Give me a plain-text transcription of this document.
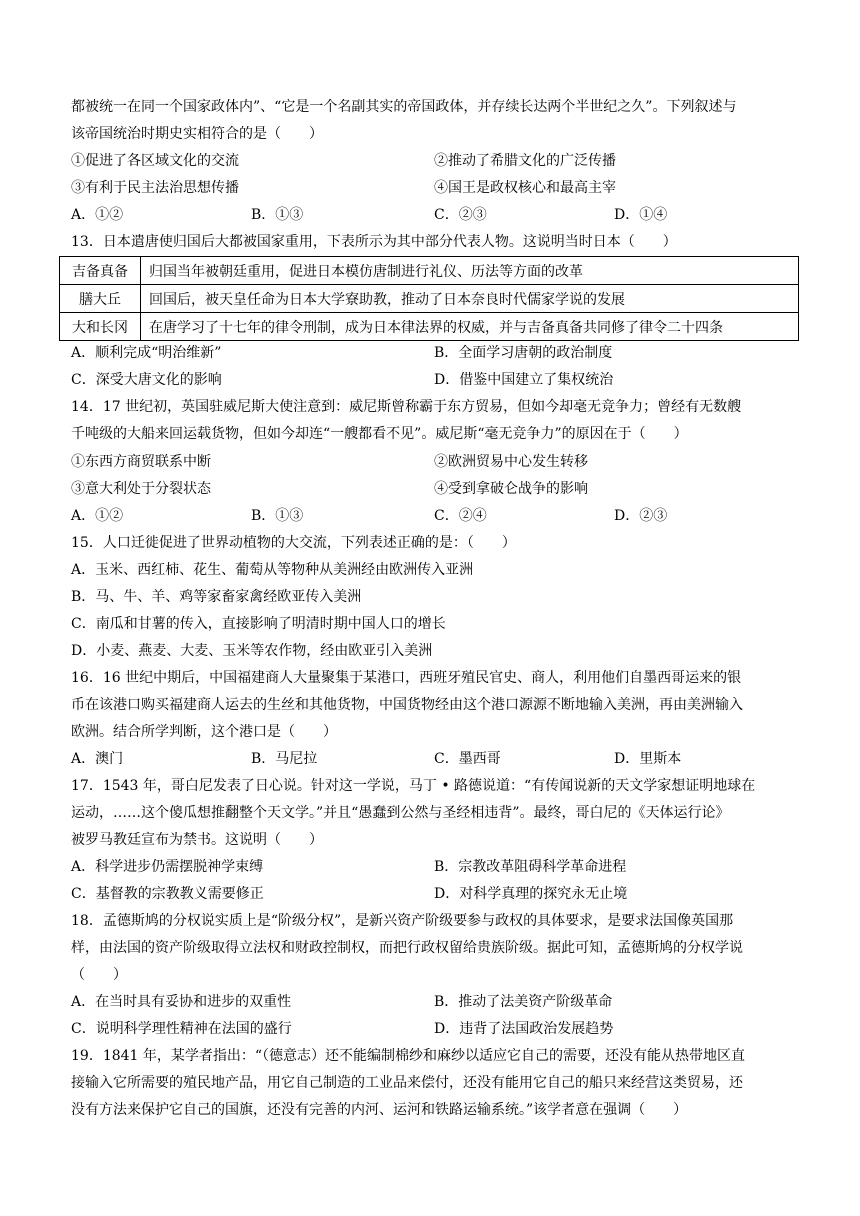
都被统一在同一个国家政体内”、“它是一个名副其实的帝国政体，并存续长达两个半世纪之久”。下列叙述与
该帝国统治时期史实相符合的是（　　）
①促进了各区域文化的交流	②推动了希腊文化的广泛传播
③有利于民主法治思想传播	④国王是政权核心和最高主宰
A．①②	B．①③	C．②③	D．①④
13．日本遣唐使归国后大都被国家重用，下表所示为其中部分代表人物。这说明当时日本（　　）
吉备真备	归国当年被朝廷重用，促进日本模仿唐制进行礼仪、历法等方面的改革
膳大丘	回国后，被天皇任命为日本大学寮助教，推动了日本奈良时代儒家学说的发展
大和长冈	在唐学习了十七年的律令刑制，成为日本律法界的权威，并与吉备真备共同修了律令二十四条
A．顺利完成“明治维新”	B．全面学习唐朝的政治制度
C．深受大唐文化的影响	D．借鉴中国建立了集权统治
14．17 世纪初，英国驻威尼斯大使注意到：威尼斯曾称霸于东方贸易，但如今却毫无竞争力；曾经有无数艘
千吨级的大船来回运载货物，但如今却连“一艘都看不见”。威尼斯“毫无竞争力”的原因在于（　　）
①东西方商贸联系中断	②欧洲贸易中心发生转移
③意大利处于分裂状态	④受到拿破仑战争的影响
A．①②	B．①③	C．②④	D．②③
15．人口迁徙促进了世界动植物的大交流，下列表述正确的是：（　　）
A．玉米、西红柿、花生、葡萄从等物种从美洲经由欧洲传入亚洲
B．马、牛、羊、鸡等家畜家禽经欧亚传入美洲
C．南瓜和甘薯的传入，直接影响了明清时期中国人口的增长
D．小麦、燕麦、大麦、玉米等农作物，经由欧亚引入美洲
16．16 世纪中期后，中国福建商人大量聚集于某港口，西班牙殖民官史、商人，利用他们自墨西哥运来的银
币在该港口购买福建商人运去的生丝和其他货物，中国货物经由这个港口源源不断地输入美洲，再由美洲输入
欧洲。结合所学判断，这个港口是（　　）
A．澳门	B．马尼拉	C．墨西哥	D．里斯本
17．1543 年，哥白尼发表了日心说。针对这一学说，马丁 • 路德说道：“有传闻说新的天文学家想证明地球在
运动，……这个傻瓜想推翻整个天文学。”并且“愚蠢到公然与圣经相违背”。最终，哥白尼的《天体运行论》
被罗马教廷宣布为禁书。这说明（　　）
A．科学进步仍需摆脱神学束缚	B．宗教改革阻碍科学革命进程
C．基督教的宗教教义需要修正	D．对科学真理的探究永无止境
18．孟德斯鸠的分权说实质上是“阶级分权”，是新兴资产阶级要参与政权的具体要求，是要求法国像英国那
样，由法国的资产阶级取得立法权和财政控制权，而把行政权留给贵族阶级。据此可知，孟德斯鸠的分权学说
（　　）
A．在当时具有妥协和进步的双重性	B．推动了法美资产阶级革命
C．说明科学理性精神在法国的盛行	D．违背了法国政治发展趋势
19．1841 年，某学者指出：“（德意志）还不能编制棉纱和麻纱以适应它自己的需要，还没有能从热带地区直
接输入它所需要的殖民地产品，用它自己制造的工业品来偿付，还没有能用它自己的船只来经营这类贸易，还
没有方法来保护它自己的国旗，还没有完善的内河、运河和铁路运输系统。”该学者意在强调（　　）
